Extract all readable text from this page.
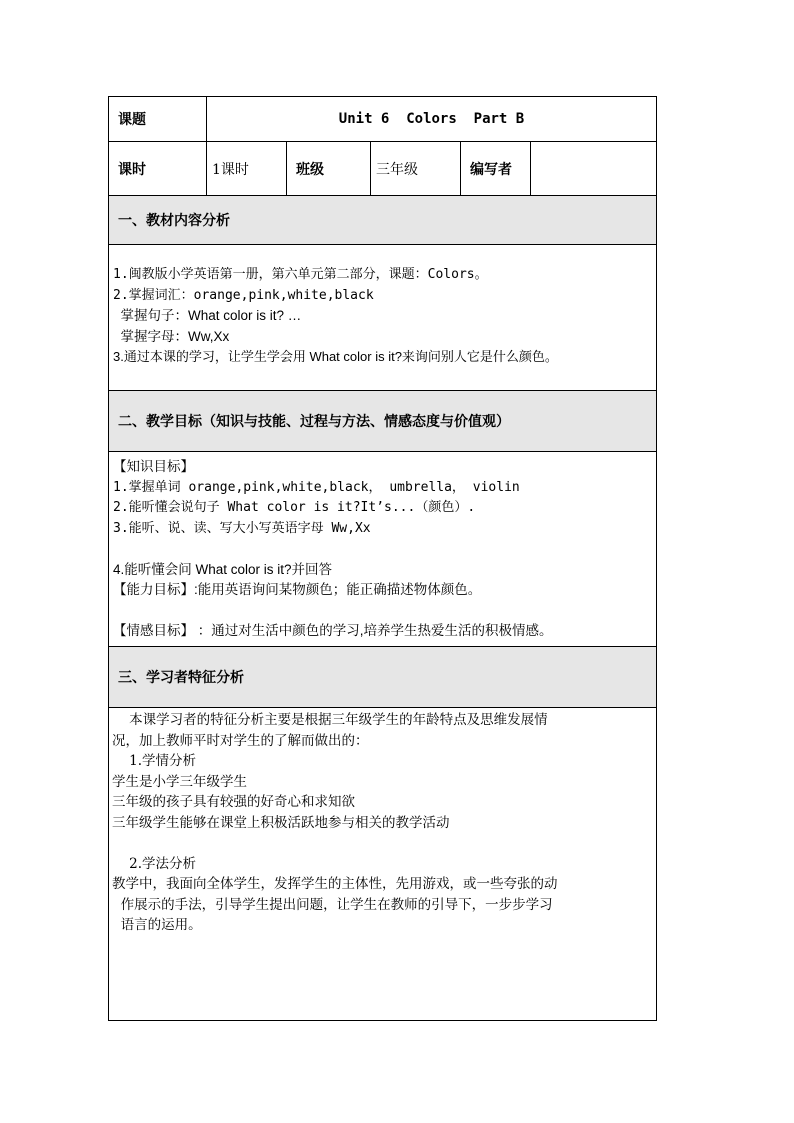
课题	Unit 6  Colors  Part B
课时	1课时	班级	三年级	编写者
一、教材内容分析
1.闽教版小学英语第一册，第六单元第二部分，课题：Colors。
2.掌握词汇：orange,pink,white,black
掌握句子：What color is it? …
掌握字母：Ww,Xx
3.通过本课的学习，让学生学会用 What color is it?来询问别人它是什么颜色。
二、教学目标（知识与技能、过程与方法、情感态度与价值观）
【知识目标】
1.掌握单词 orange,pink,white,black， umbrella， violin
2.能听懂会说句子 What color is it?It’s...（颜色）.
3.能听、说、读、写大小写英语字母 Ww,Xx

4.能听懂会问 What color is it?并回答
【能力目标】:能用英语询问某物颜色；能正确描述物体颜色。

【情感目标】 ：通过对生活中颜色的学习,培养学生热爱生活的积极情感。
三、学习者特征分析
本课学习者的特征分析主要是根据三年级学生的年龄特点及思维发展情
况，加上教师平时对学生的了解而做出的：
1.学情分析
学生是小学三年级学生
三年级的孩子具有较强的好奇心和求知欲
三年级学生能够在课堂上积极活跃地参与相关的教学活动

2.学法分析
教学中，我面向全体学生，发挥学生的主体性，先用游戏，或一些夸张的动
作展示的手法，引导学生提出问题，让学生在教师的引导下，一步步学习
语言的运用。
